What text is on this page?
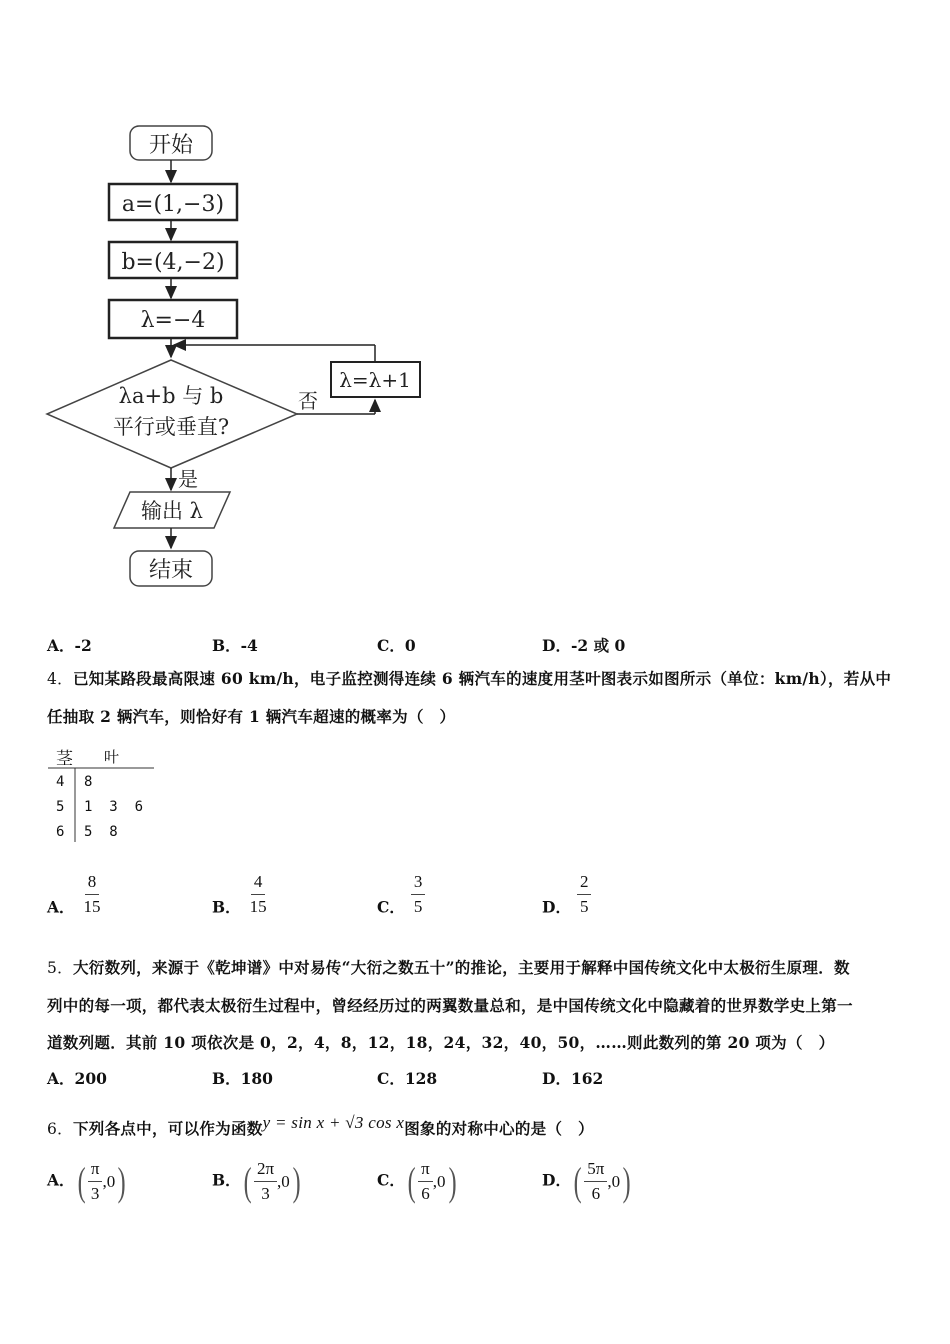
开始
a=(1,−3)
b=(4,−2)
λ=−4
λa+b 与 b
平行或垂直?
否
λ=λ+1
是
输出 λ
结束
A．-2	B．-4	C．0	D．-2 或 0
4．已知某路段最高限速 60 km/h，电子监控测得连续 6 辆汽车的速度用茎叶图表示如图所示（单位：km/h），若从中
任抽取 2 辆汽车，则恰好有 1 辆汽车超速的概率为（　）
茎 叶
4 8
5 1  3  6
6 5  8
A． $\frac{8}{15}$	B． $\frac{4}{15}$	C． $\frac{3}{5}$	D． $\frac{2}{5}$
5．大衍数列，来源于《乾坤谱》中对易传“大衍之数五十”的推论，主要用于解释中国传统文化中太极衍生原理．数
列中的每一项，都代表太极衍生过程中，曾经经历过的两翼数量总和，是中国传统文化中隐藏着的世界数学史上第一
道数列题．其前 10 项依次是 0，2，4，8，12，18，24，32，40，50，……则此数列的第 20 项为（　）
A．200	B．180	C．128	D．162
6．下列各点中，可以作为函数y = sin x + √3 cos x图象的对称中心的是（　）
A． ( $\frac{\pi}{3} ,0$ )	B． ( $\frac{2\pi}{3} ,0$ )	C． ( $\frac{\pi}{6} ,0$ )	D． ( $\frac{5\pi}{6} ,0$ )
